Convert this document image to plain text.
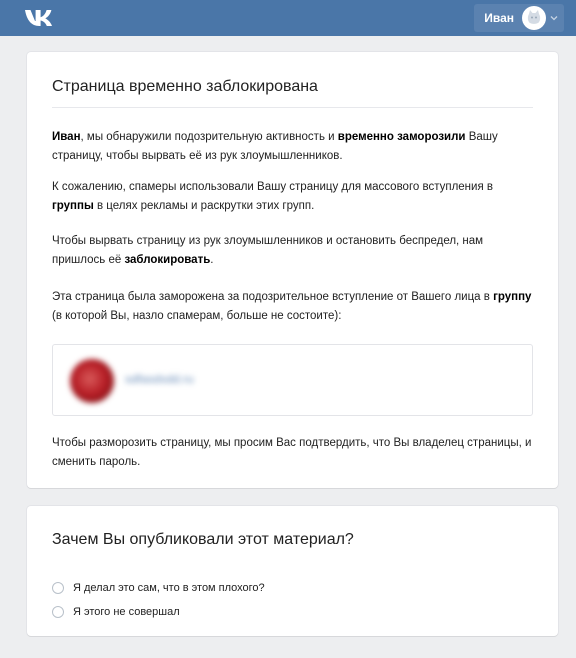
Иван
Страница временно заблокирована
Иван, мы обнаружили подозрительную активность и временно заморозили Вашу страницу, чтобы вырвать её из рук злоумышленников.
К сожалению, спамеры использовали Вашу страницу для массового вступления в группы в целях рекламы и раскрутки этих групп.
Чтобы вырвать страницу из рук злоумышленников и остановить беспредел, нам пришлось её заблокировать.
Эта страница была заморожена за подозрительное вступление от Вашего лица в группу (в которой Вы, назло спамерам, больше не состоите):
sdfasdsdd.ru
Чтобы разморозить страницу, мы просим Вас подтвердить, что Вы владелец страницы, и сменить пароль.
Зачем Вы опубликовали этот материал?
Я делал это сам, что в этом плохого?
Я этого не совершал
